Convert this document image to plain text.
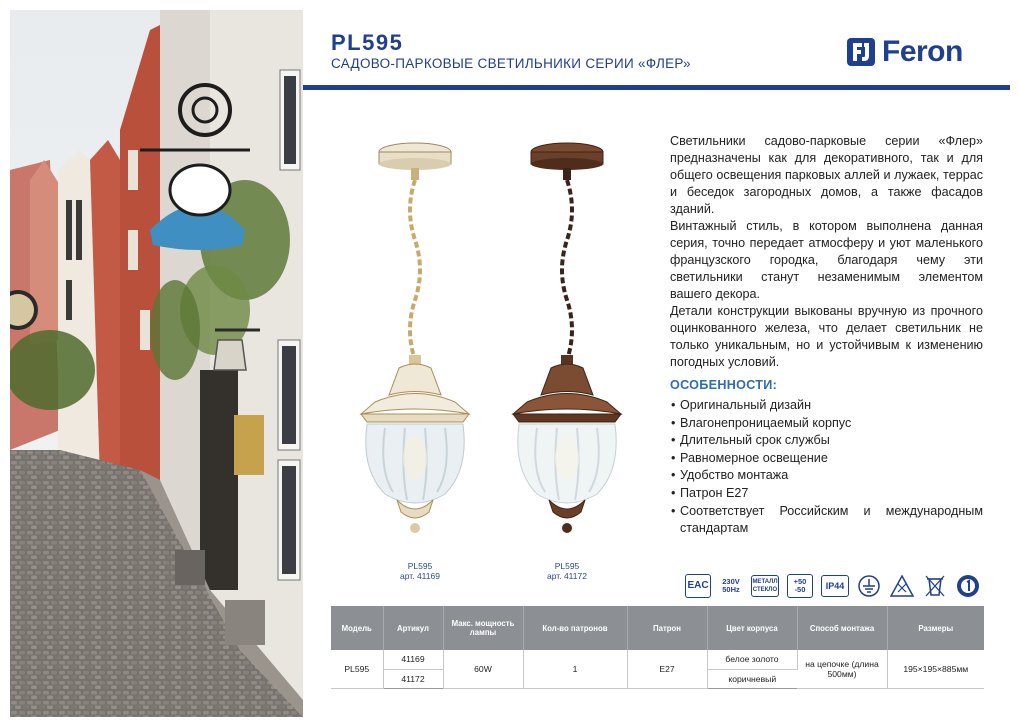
PL595
САДОВО-ПАРКОВЫЕ СВЕТИЛЬНИКИ СЕРИИ «ФЛЕР»	Feron
PL595
арт. 41169
PL595
арт. 41172

Светильники садово-парковые серии «Флер» предназначены как для декоративного, так и для общего освещения парковых аллей и лужаек, террас и беседок загородных домов, а также фасадов зданий.

Винтажный стиль, в котором выполнена данная серия, точно передает атмосферу и уют маленького французского городка, благодаря чему эти светильники станут незаменимым элементом вашего декора.

Детали конструкции выкованы вручную из прочного оцинкованного железа, что делает светильник не только уникальным, но и устойчивым к изменению погодных условий.

ОСОБЕННОСТИ:
• Оригинальный дизайн
• Влагонепроницаемый корпус
• Длительный срок службы
• Равномерное освещение
• Удобство монтажа
• Патрон E27
• Соответствует Российским и международным стандартам
EAC	230V
50Hz
МЕТАЛЛ
СТЕКЛО
+50
-50	IP44
Модель	Артикул	Макс. мощность лампы	Кол-во патронов	Патрон	Цвет корпуса	Способ монтажа	Размеры
PL595	41169	60W	1	E27	белое золото	на цепочке (длина 500мм)	195×195×885мм
	41172				коричневый		
